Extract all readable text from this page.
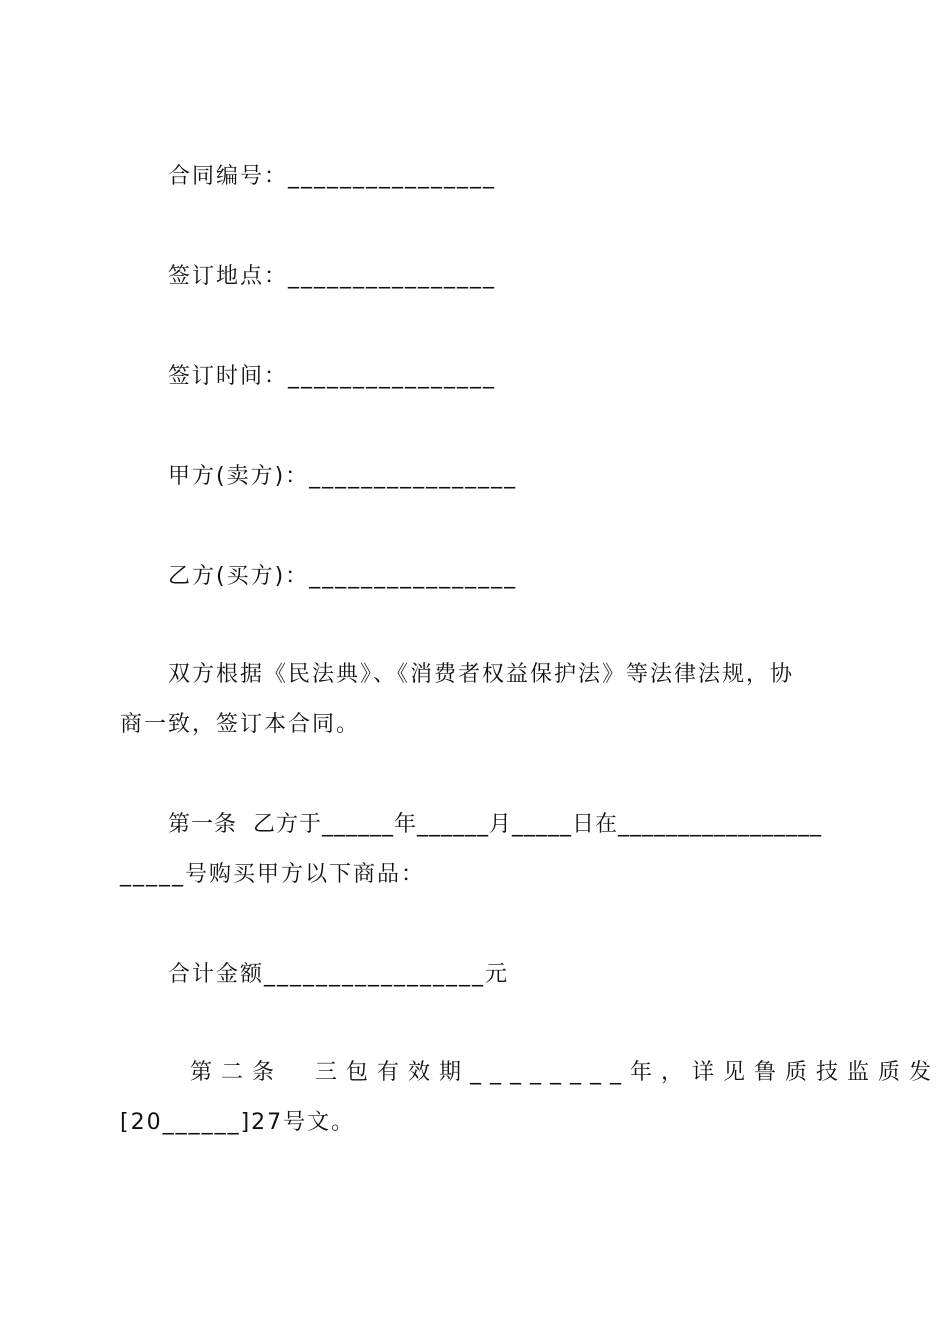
合同编号：________________
签订地点：________________
签订时间：________________
甲方(卖方)：________________
乙方(买方)：________________
双方根据《民法典》、《消费者权益保护法》等法律法规，协
商一致，签订本合同。
第一条  乙方于______年______月_____日在_________________
_____号购买甲方以下商品：
合计金额_________________元
第二条  三包有效期________年，详见鲁质技监质发
[20______]27号文。
